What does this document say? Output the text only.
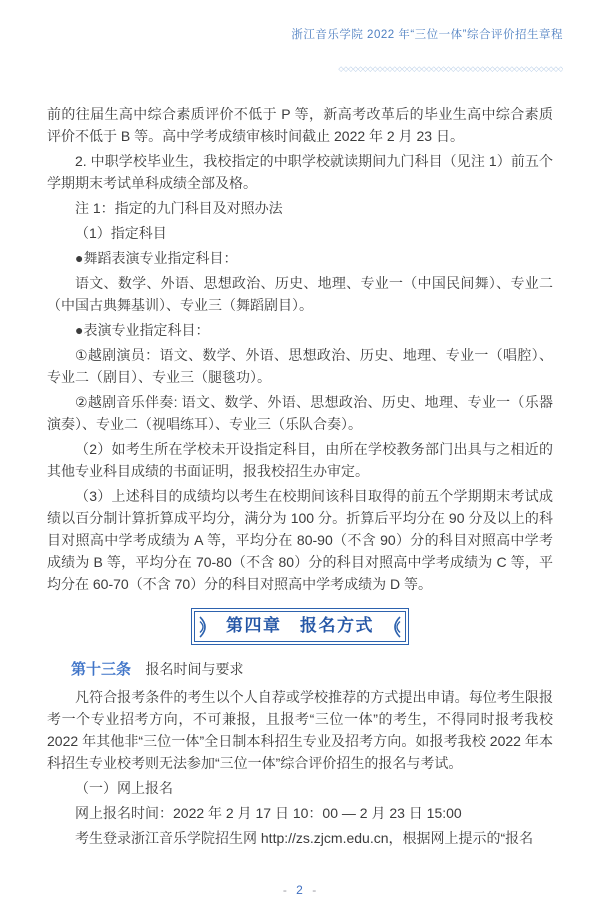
浙江音乐学院 2022 年“三位一体”综合评价招生章程

◇◇◇◇◇◇◇◇◇◇◇◇◇◇◇◇◇◇◇◇◇◇◇◇◇◇◇◇◇◇◇◇◇◇◇◇◇◇◇◇◇◇◇◇◇◇

前的往届生高中综合素质评价不低于 P 等，新高考改革后的毕业生高中综合素质评价不低于 B 等。高中学考成绩审核时间截止 2022 年 2 月 23 日。

2. 中职学校毕业生，我校指定的中职学校就读期间九门科目（见注 1）前五个学期期末考试单科成绩全部及格。

注 1：指定的九门科目及对照办法

（1）指定科目

●舞蹈表演专业指定科目：

语文、数学、外语、思想政治、历史、地理、专业一（中国民间舞）、专业二（中国古典舞基训）、专业三（舞蹈剧目）。

●表演专业指定科目：

①越剧演员：语文、数学、外语、思想政治、历史、地理、专业一（唱腔）、专业二（剧目）、专业三（腿毯功）。

②越剧音乐伴奏: 语文、数学、外语、思想政治、历史、地理、专业一（乐器演奏）、专业二（视唱练耳）、专业三（乐队合奏）。

（2）如考生所在学校未开设指定科目，由所在学校教务部门出具与之相近的其他专业科目成绩的书面证明，报我校招生办审定。

（3）上述科目的成绩均以考生在校期间该科目取得的前五个学期期末考试成绩以百分制计算折算成平均分，满分为 100 分。折算后平均分在 90 分及以上的科目对照高中学考成绩为 A 等，平均分在 80-90（不含 90）分的科目对照高中学考成绩为 B 等，平均分在 70-80（不含 80）分的科目对照高中学考成绩为 C 等，平均分在 60-70（不含 70）分的科目对照高中学考成绩为 D 等。

第四章　报名方式
第十三条 报名时间与要求

凡符合报考条件的考生以个人自荐或学校推荐的方式提出申请。每位考生限报考一个专业招考方向，不可兼报，且报考“三位一体”的考生，不得同时报考我校 2022 年其他非“三位一体”全日制本科招生专业及招考方向。如报考我校 2022 年本科招生专业校考则无法参加“三位一体”综合评价招生的报名与考试。

（一）网上报名

网上报名时间：2022 年 2 月 17 日 10：00 — 2 月 23 日 15:00

考生登录浙江音乐学院招生网 http://zs.zjcm.edu.cn，根据网上提示的“报名

- 2 -
